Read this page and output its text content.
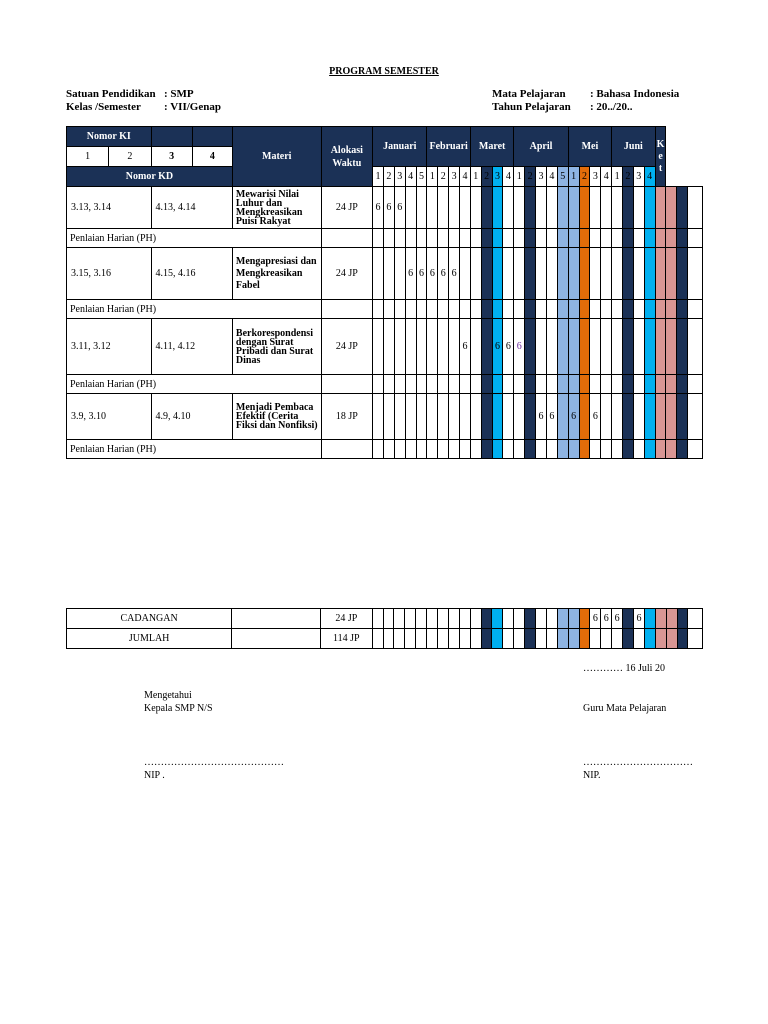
PROGRAM SEMESTER
Satuan Pendidikan : SMP
Kelas /Semester : VII/Genap
Mata Pelajaran : Bahasa Indonesia
Tahun Pelajaran : 20../20..
Nomor KI				Materi	Alokasi Waktu	Januari					Februari				Maret				April					Mei				Juni				K e t			
1	2	3	4																																
Nomor KD						1	2	3	4	5	1	2	3	4	1	2	3	4	1	2	3	4	5	1	2	3	4	1	2	3	4				
3.13, 3.14		4.13, 4.14		Mewarisi Nilai Luhur dan Mengkreasikan Puisi Rakyat	24 JP	6	6	6																											
Penlaian Harian (PH)																																			
3.15, 3.16		4.15, 4.16		Mengapresiasi dan Mengkreasikan Fabel	24 JP				6	6	6	6	6																						
Penlaian Harian (PH)																																			
3.11, 3.12		4.11, 4.12		Berkorespondensi dengan Surat Pribadi dan Surat Dinas	24 JP									6			6	6	6																
Penlaian Harian (PH)																																			
3.9, 3.10		4.9, 4.10		Menjadi Pembaca Efektif (Cerita Fiksi dan Nonfiksi)	18 JP																6	6		6		6									
Penlaian Harian (PH)																																			
CADANGAN		24 JP																					6	6	6		6					
JUMLAH		114 JP																														
………… 16 Juli 20
Mengetahui
Kepala SMP N/S	Guru Mata Pelajaran
……………………………………
NIP .
……………………………
NIP.
